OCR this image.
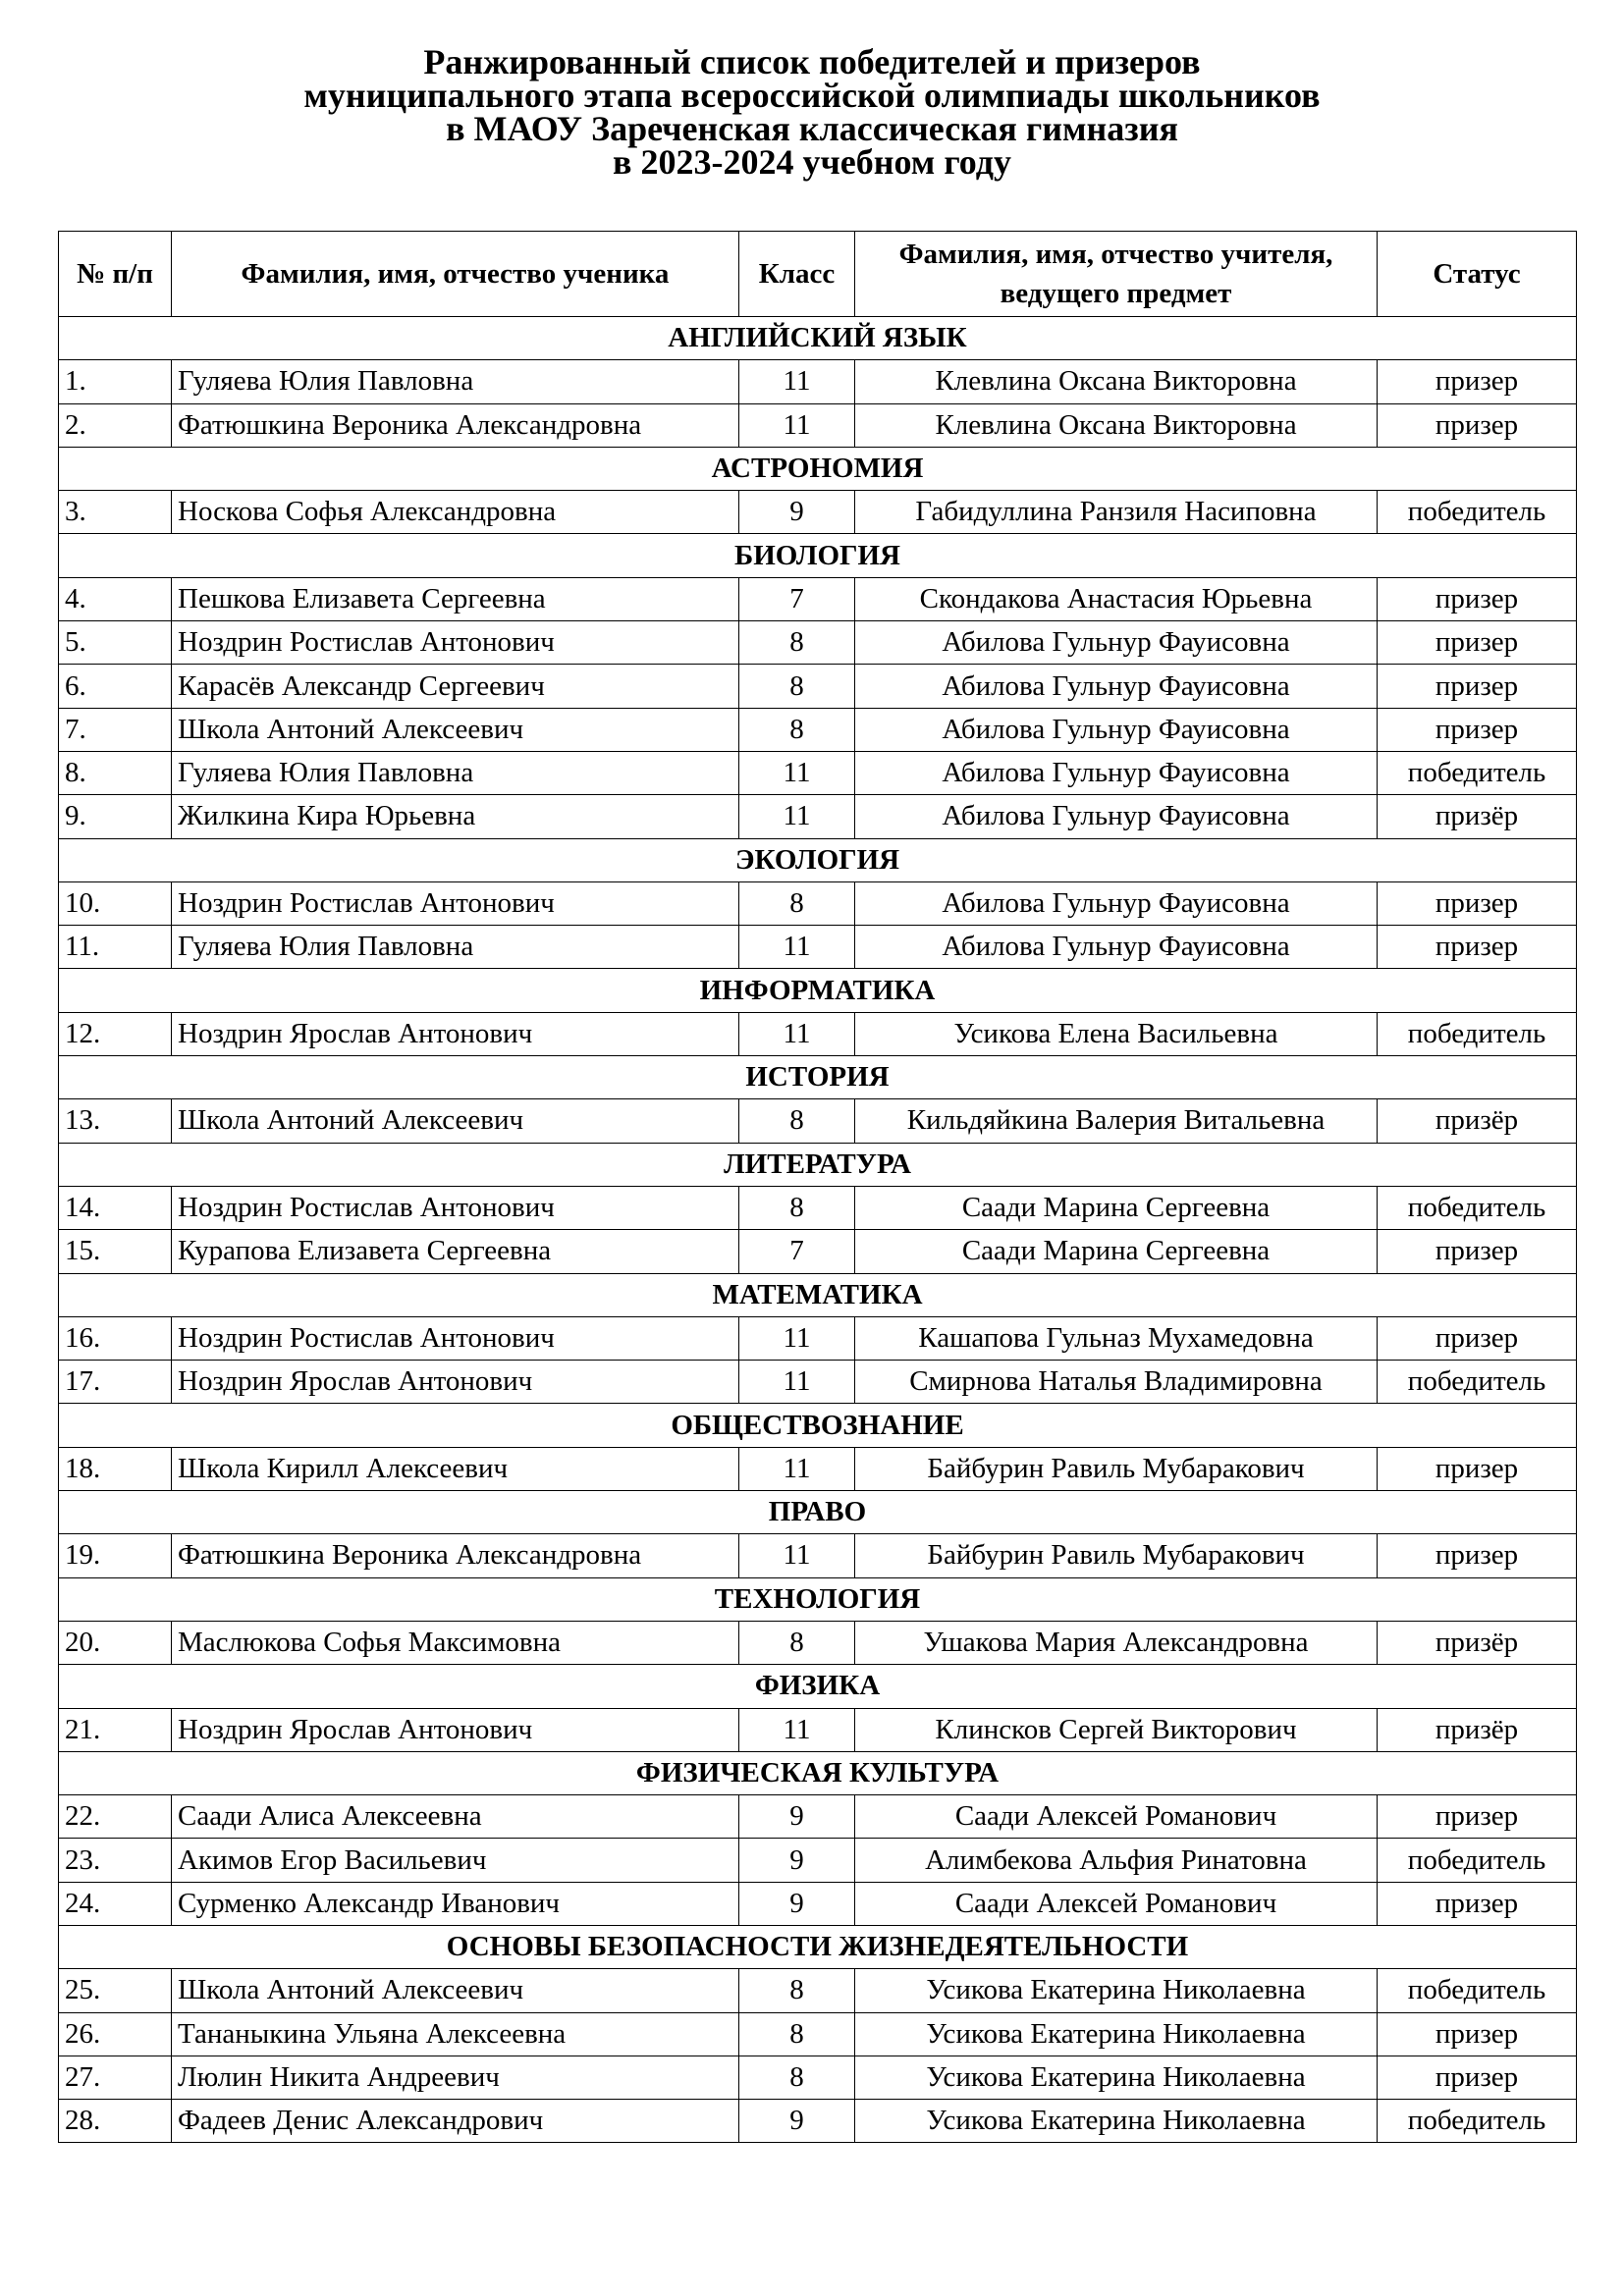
Ранжированный список победителей и призеров
муниципального этапа всероссийской олимпиады школьников
в МАОУ Зареченская классическая гимназия
в 2023-2024 учебном году
№ п/п	Фамилия, имя, отчество ученика	Класс	Фамилия, имя, отчество учителя, ведущего предмет	Статус
АНГЛИЙСКИЙ ЯЗЫК				
1.	Гуляева Юлия Павловна	11	Клевлина Оксана Викторовна	призер
2.	Фатюшкина Вероника Александровна	11	Клевлина Оксана Викторовна	призер
АСТРОНОМИЯ				
3.	Носкова Софья Александровна	9	Габидуллина Ранзиля Насиповна	победитель
БИОЛОГИЯ				
4.	Пешкова Елизавета Сергеевна	7	Скондакова Анастасия Юрьевна	призер
5.	Ноздрин Ростислав Антонович	8	Абилова Гульнур Фауисовна	призер
6.	Карасёв Александр Сергеевич	8	Абилова Гульнур Фауисовна	призер
7.	Школа Антоний Алексеевич	8	Абилова Гульнур Фауисовна	призер
8.	Гуляева Юлия Павловна	11	Абилова Гульнур Фауисовна	победитель
9.	Жилкина Кира Юрьевна	11	Абилова Гульнур Фауисовна	призёр
ЭКОЛОГИЯ				
10.	Ноздрин Ростислав Антонович	8	Абилова Гульнур Фауисовна	призер
11.	Гуляева Юлия Павловна	11	Абилова Гульнур Фауисовна	призер
ИНФОРМАТИКА				
12.	Ноздрин Ярослав Антонович	11	Усикова Елена Васильевна	победитель
ИСТОРИЯ				
13.	Школа Антоний Алексеевич	8	Кильдяйкина Валерия Витальевна	призёр
ЛИТЕРАТУРА				
14.	Ноздрин Ростислав Антонович	8	Саади Марина Сергеевна	победитель
15.	Курапова Елизавета Сергеевна	7	Саади Марина Сергеевна	призер
МАТЕМАТИКА				
16.	Ноздрин Ростислав Антонович	11	Кашапова Гульназ Мухамедовна	призер
17.	Ноздрин Ярослав Антонович	11	Смирнова Наталья Владимировна	победитель
ОБЩЕСТВОЗНАНИЕ				
18.	Школа Кирилл Алексеевич	11	Байбурин Равиль Мубаракович	призер
ПРАВО				
19.	Фатюшкина Вероника Александровна	11	Байбурин Равиль Мубаракович	призер
ТЕХНОЛОГИЯ				
20.	Маслюкова Софья Максимовна	8	Ушакова Мария Александровна	призёр
ФИЗИКА				
21.	Ноздрин Ярослав Антонович	11	Клинсков Сергей Викторович	призёр
ФИЗИЧЕСКАЯ КУЛЬТУРА				
22.	Саади Алиса Алексеевна	9	Саади Алексей Романович	призер
23.	Акимов Егор Васильевич	9	Алимбекова Альфия Ринатовна	победитель
24.	Сурменко Александр Иванович	9	Саади Алексей Романович	призер
ОСНОВЫ БЕЗОПАСНОСТИ ЖИЗНЕДЕЯТЕЛЬНОСТИ				
25.	Школа Антоний Алексеевич	8	Усикова Екатерина Николаевна	победитель
26.	Тананыкина Ульяна Алексеевна	8	Усикова Екатерина Николаевна	призер
27.	Люлин Никита Андреевич	8	Усикова Екатерина Николаевна	призер
28.	Фадеев Денис Александрович	9	Усикова Екатерина Николаевна	победитель
